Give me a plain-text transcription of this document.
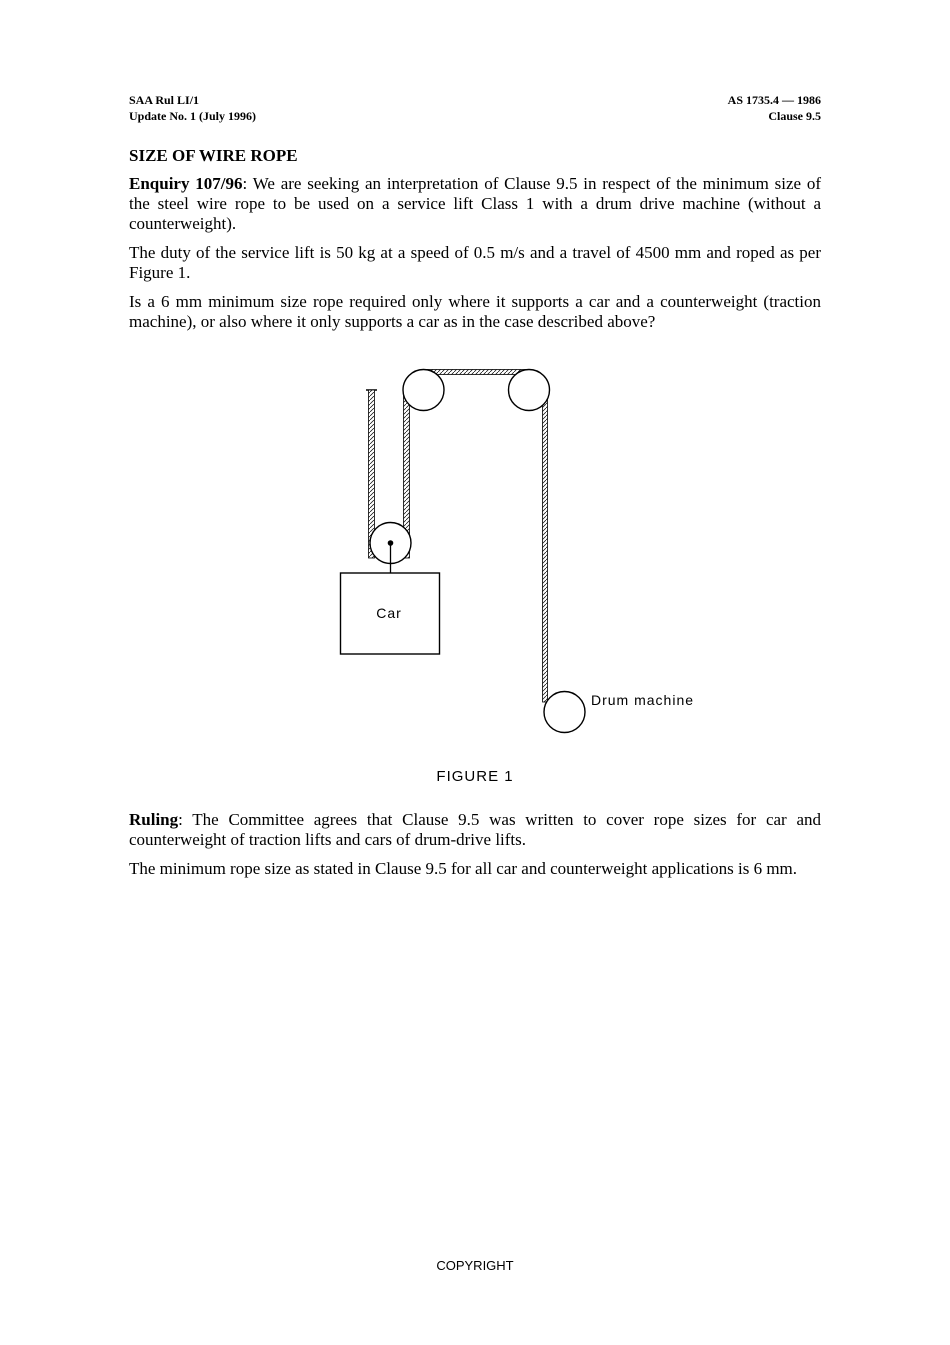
SAA Rul LI/1
Update No. 1 (July 1996)
AS 1735.4 — 1986
Clause 9.5
SIZE OF WIRE ROPE

Enquiry 107/96: We are seeking an interpretation of Clause 9.5 in respect of the minimum size of the steel wire rope to be used on a service lift Class 1 with a drum drive machine (without a counterweight).

The duty of the service lift is 50 kg at a speed of 0.5 m/s and a travel of 4500 mm and roped as per Figure 1.

Is a 6 mm minimum size rope required only where it supports a car and a counterweight (traction machine), or also where it only supports a car as in the case described above?

Car
Drum machine
FIGURE 1

Ruling: The Committee agrees that Clause 9.5 was written to cover rope sizes for car and counterweight of traction lifts and cars of drum-drive lifts.

The minimum rope size as stated in Clause 9.5 for all car and counterweight applications is 6 mm.

COPYRIGHT
